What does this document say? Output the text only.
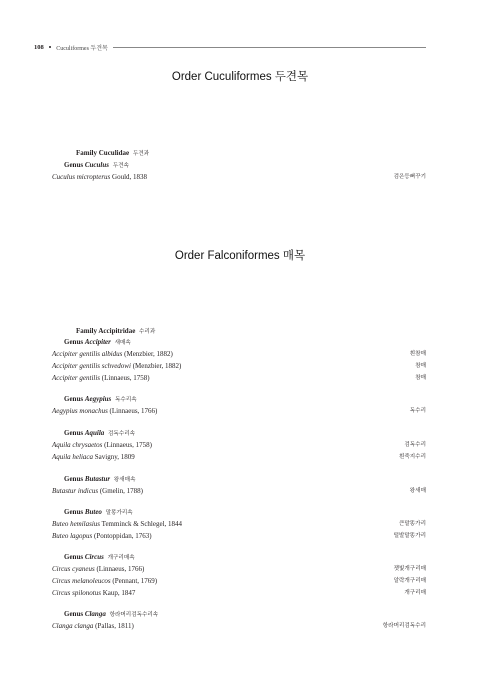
108 Cuculiformes 두견목
Order Cuculiformes 두견목
Family Cuculidae 두견과
Genus Cuculus 두견속
Cuculus micropterus Gould, 1838	검은등뻐꾸기
Order Falconiformes 매목
Family Accipitridae 수리과
Genus Accipiter 새매속
Accipiter gentilis albidus (Menzbier, 1882)	흰참매
Accipiter gentilis schvedowi (Menzbier, 1882)	참매
Accipiter gentilis (Linnaeus, 1758)	참매
Genus Aegypius 독수리속
Aegypius monachus (Linnaeus, 1766)	독수리
Genus Aquila 검독수리속
Aquila chrysaetos (Linnaeus, 1758)	검독수리
Aquila heliaca Savigny, 1809	흰죽지수리
Genus Butastur 왕새매속
Butastur indicus (Gmelin, 1788)	왕새매
Genus Buteo 말똥가리속
Buteo hemilasius Temminck & Schlegel, 1844	큰말똥가리
Buteo lagopus (Pontoppidan, 1763)	털발말똥가리
Genus Circus 개구리매속
Circus cyaneus (Linnaeus, 1766)	잿빛개구리매
Circus melanoleucos (Pennant, 1769)	알락개구리매
Circus spilonotus Kaup, 1847	개구리매
Genus Clanga 항라머리검독수리속
Clanga clanga (Pallas, 1811)	항라머리검독수리
